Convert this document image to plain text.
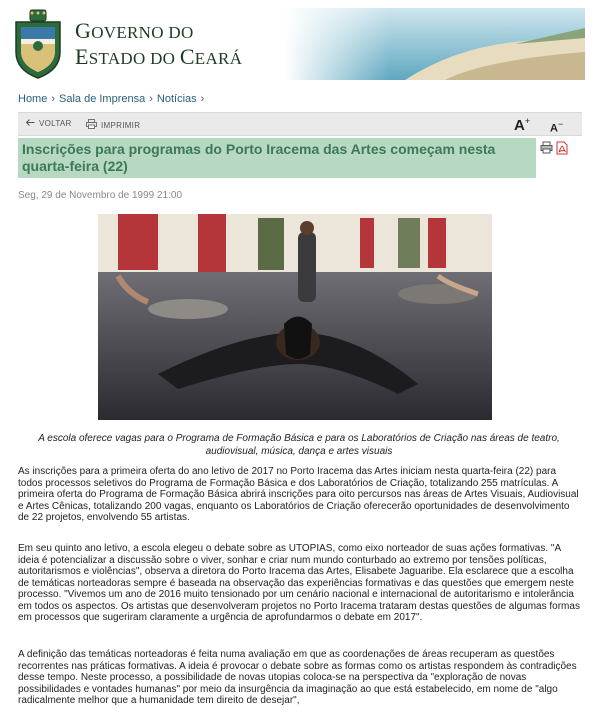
GOVERNO DO
ESTADO DO CEARÁ
Home › Sala de Imprensa › Notícias ›
VOLTAR	IMPRIMIR	A+
A−
Inscrições para programas do Porto Iracema das Artes começam nesta quarta-feira (22)
Seg, 29 de Novembro de 1999 21:00
A escola oferece vagas para o Programa de Formação Básica e para os Laboratórios de Criação nas áreas de teatro, audiovisual, música, dança e artes visuais

As inscrições para a primeira oferta do ano letivo de 2017 no Porto Iracema das Artes iniciam nesta quarta-feira (22) para todos processos seletivos do Programa de Formação Básica e dos Laboratórios de Criação, totalizando 255 matrículas. A primeira oferta do Programa de Formação Básica abrirá inscrições para oito percursos nas áreas de Artes Visuais, Audiovisual e Artes Cênicas, totalizando 200 vagas, enquanto os Laboratórios de Criação oferecerão oportunidades de desenvolvimento de 22 projetos, envolvendo 55 artistas.

Em seu quinto ano letivo, a escola elegeu o debate sobre as UTOPIAS, como eixo norteador de suas ações formativas. "A ideia é potencializar a discussão sobre o viver, sonhar e criar num mundo conturbado ao extremo por tensões políticas, autoritarismos e violências", observa a diretora do Porto Iracema das Artes, Elisabete Jaguaribe. Ela esclarece que a escolha de temáticas norteadoras sempre é baseada na observação das experiências formativas e das questões que emergem neste processo. "Vivemos um ano de 2016 muito tensionado por um cenário nacional e internacional de autoritarismo e intolerância em todos os aspectos. Os artistas que desenvolveram projetos no Porto Iracema trataram destas questões de algumas formas em processos que sugeriram claramente a urgência de aprofundarmos o debate em 2017".

A definição das temáticas norteadoras é feita numa avaliação em que as coordenações de áreas recuperam as questões recorrentes nas práticas formativas. A ideia é provocar o debate sobre as formas como os artistas respondem às contradições desse tempo. Neste processo, a possibilidade de novas utopias coloca-se na perspectiva da "exploração de novas possibilidades e vontades humanas" por meio da insurgência da imaginação ao que está estabelecido, em nome de "algo radicalmente melhor que a humanidade tem direito de desejar",
